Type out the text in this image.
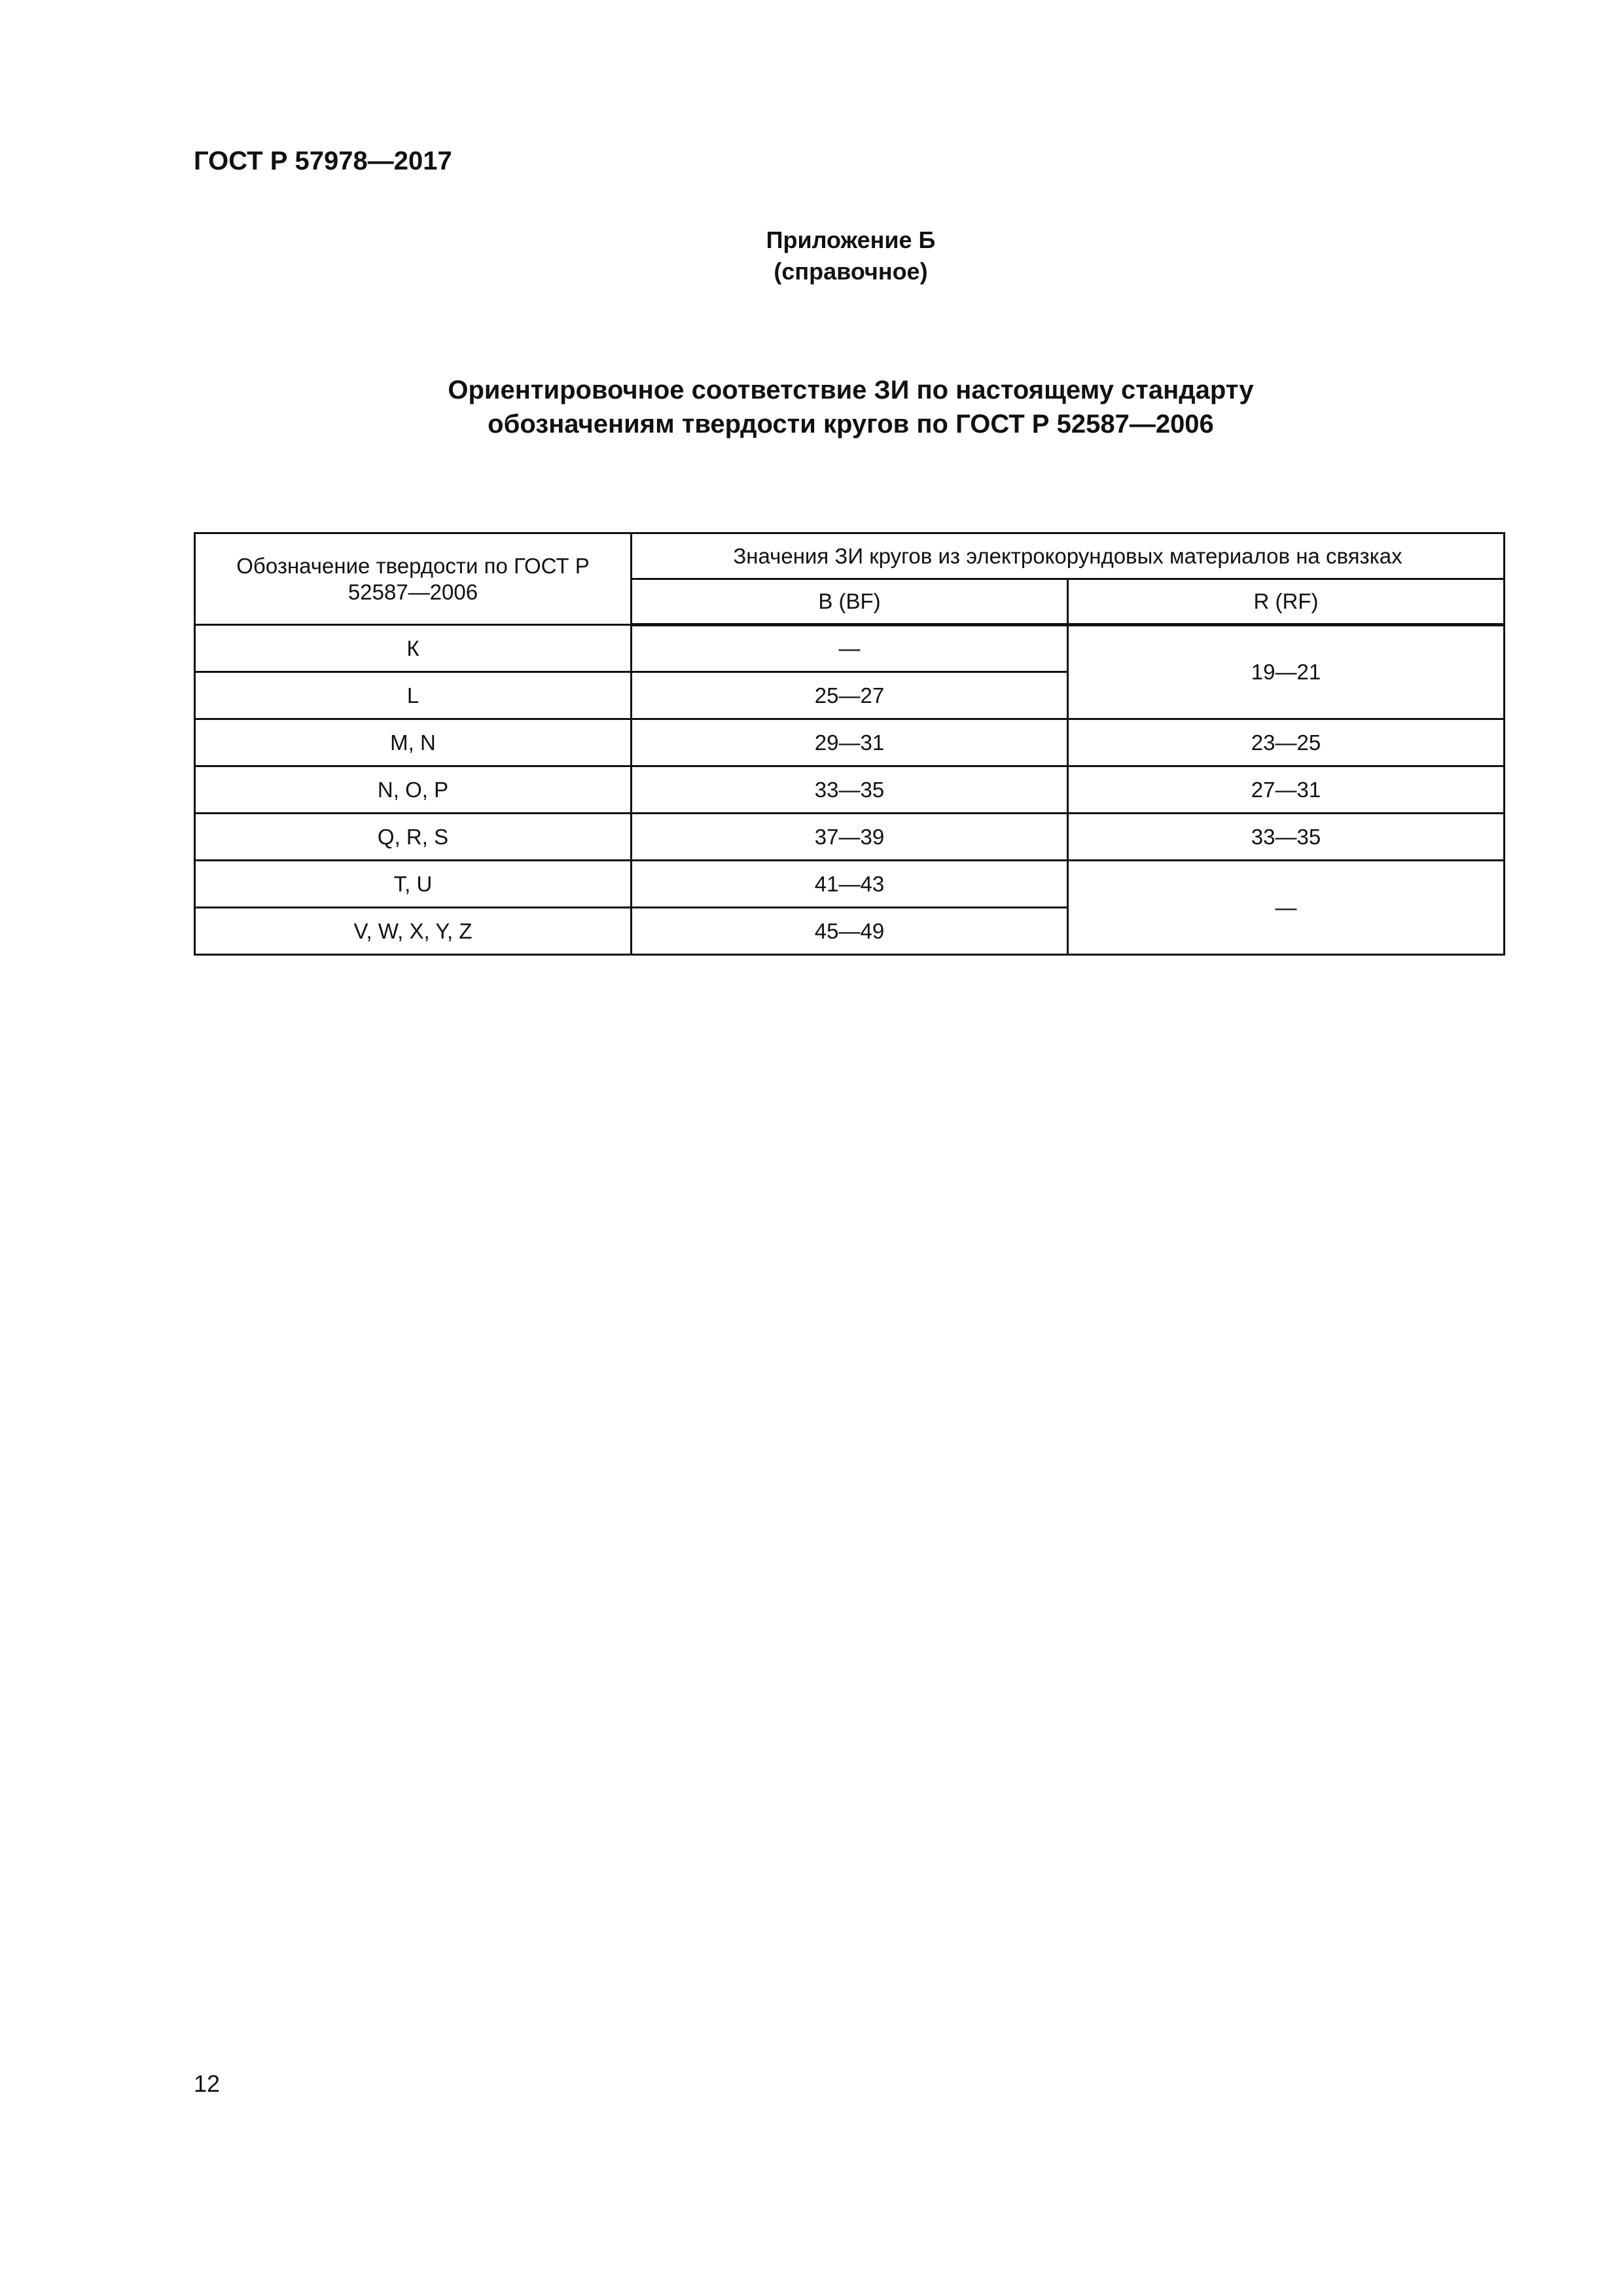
ГОСТ Р 57978—2017
Приложение Б
(справочное)
Ориентировочное соответствие ЗИ по настоящему стандарту
обозначениям твердости кругов по ГОСТ Р 52587—2006
Обозначение твердости по ГОСТ Р 52587—2006	Значения ЗИ кругов из электрокорундовых материалов на связках	
	B (BF)	R (RF)
К	—	19—21
L	25—27	
M, N	29—31	23—25
N, O, P	33—35	27—31
Q, R, S	37—39	33—35
T, U	41—43	—
V, W, X, Y, Z	45—49	
12
